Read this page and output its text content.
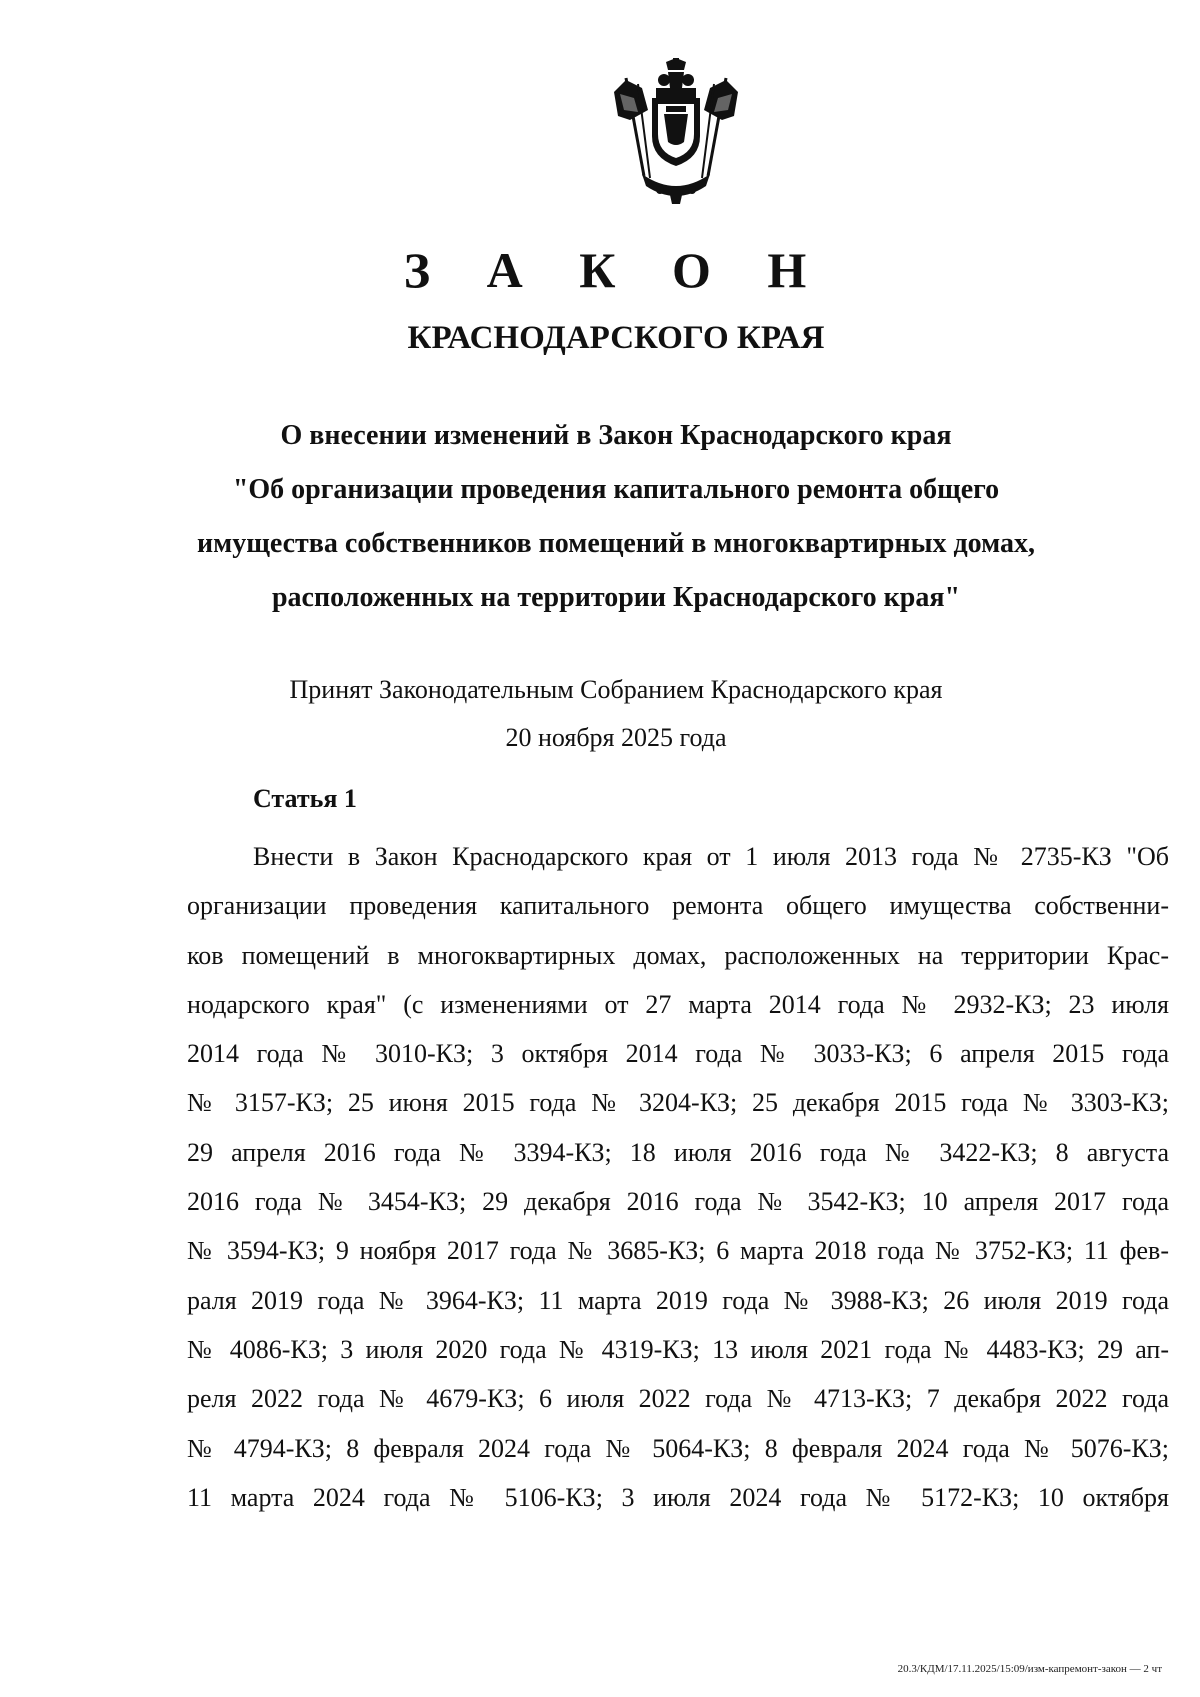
З А К О Н
КРАСНОДАРСКОГО КРАЯ
О внесении изменений в Закон Краснодарского края
"Об организации проведения капитального ремонта общего
имущества собственников помещений в многоквартирных домах,
расположенных на территории Краснодарского края"
Принят Законодательным Собранием Краснодарского края
20 ноября 2025 года
Статья 1
Внести в Закон Краснодарского края от 1 июля 2013 года № 2735-КЗ "Об
организации проведения капитального ремонта общего имущества собственни-
ков помещений в многоквартирных домах, расположенных на территории Крас-
нодарского края" (с изменениями от 27 марта 2014 года № 2932-КЗ; 23 июля
2014 года № 3010-КЗ; 3 октября 2014 года № 3033-КЗ; 6 апреля 2015 года
№ 3157-КЗ; 25 июня 2015 года № 3204-КЗ; 25 декабря 2015 года № 3303-КЗ;
29 апреля 2016 года № 3394-КЗ; 18 июля 2016 года № 3422-КЗ; 8 августа
2016 года № 3454-КЗ; 29 декабря 2016 года № 3542-КЗ; 10 апреля 2017 года
№ 3594-КЗ; 9 ноября 2017 года № 3685-КЗ; 6 марта 2018 года № 3752-КЗ; 11 фев-
раля 2019 года № 3964-КЗ; 11 марта 2019 года № 3988-КЗ; 26 июля 2019 года
№ 4086-КЗ; 3 июля 2020 года № 4319-КЗ; 13 июля 2021 года № 4483-КЗ; 29 ап-
реля 2022 года № 4679-КЗ; 6 июля 2022 года № 4713-КЗ; 7 декабря 2022 года
№ 4794-КЗ; 8 февраля 2024 года № 5064-КЗ; 8 февраля 2024 года № 5076-КЗ;
11 марта 2024 года № 5106-КЗ; 3 июля 2024 года № 5172-КЗ; 10 октября
20.3/КДМ/17.11.2025/15:09/изм-капремонт-закон — 2 чт
